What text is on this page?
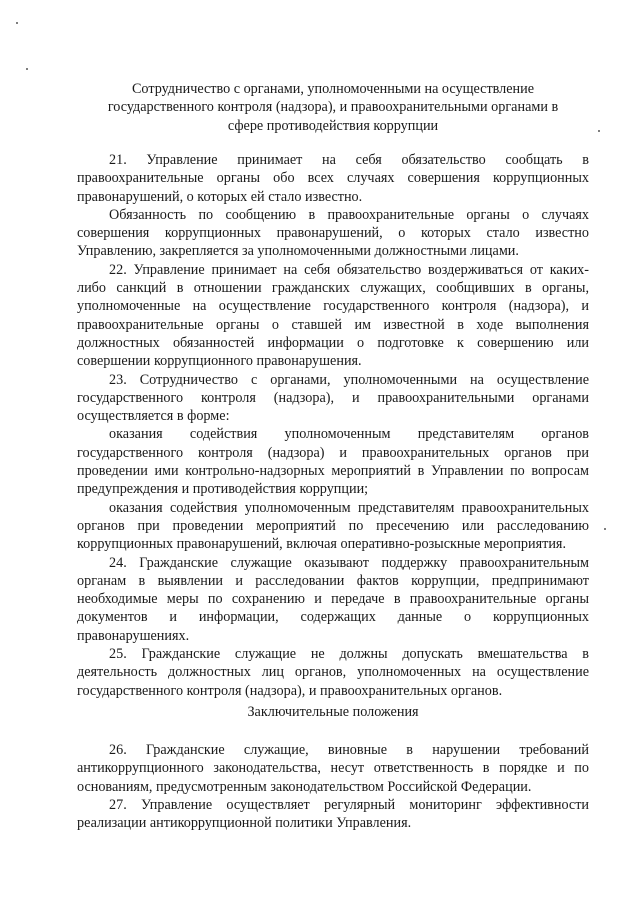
Сотрудничество с органами, уполномоченными на осуществление
государственного контроля (надзора), и правоохранительными органами в
сфере противодействия коррупции

21. Управление принимает на себя обязательство сообщать в правоохранительные органы обо всех случаях совершения коррупционных правонарушений, о которых ей стало известно.

Обязанность по сообщению в правоохранительные органы о случаях совершения коррупционных правонарушений, о которых стало известно Управлению, закрепляется за уполномоченными должностными лицами.

22. Управление принимает на себя обязательство воздерживаться от каких-либо санкций в отношении гражданских служащих, сообщивших в органы, уполномоченные на осуществление государственного контроля (надзора), и правоохранительные органы о ставшей им известной в ходе выполнения должностных обязанностей информации о подготовке к совершению или совершении коррупционного правонарушения.

23. Сотрудничество с органами, уполномоченными на осуществление государственного контроля (надзора), и правоохранительными органами осуществляется в форме:

оказания содействия уполномоченным представителям органов государственного контроля (надзора) и правоохранительных органов при проведении ими контрольно-надзорных мероприятий в Управлении по вопросам предупреждения и противодействия коррупции;

оказания содействия уполномоченным представителям правоохранительных органов при проведении мероприятий по пресечению или расследованию коррупционных правонарушений, включая оперативно-розыскные мероприятия.

24. Гражданские служащие оказывают поддержку правоохранительным органам в выявлении и расследовании фактов коррупции, предпринимают необходимые меры по сохранению и передаче в правоохранительные органы документов и информации, содержащих данные о коррупционных правонарушениях.

25. Гражданские служащие не должны допускать вмешательства в деятельность должностных лиц органов, уполномоченных на осуществление государственного контроля (надзора), и правоохранительных органов.

Заключительные положения

26. Гражданские служащие, виновные в нарушении требований антикоррупционного законодательства, несут ответственность в порядке и по основаниям, предусмотренным законодательством Российской Федерации.

27. Управление осуществляет регулярный мониторинг эффективности реализации антикоррупционной политики Управления.
